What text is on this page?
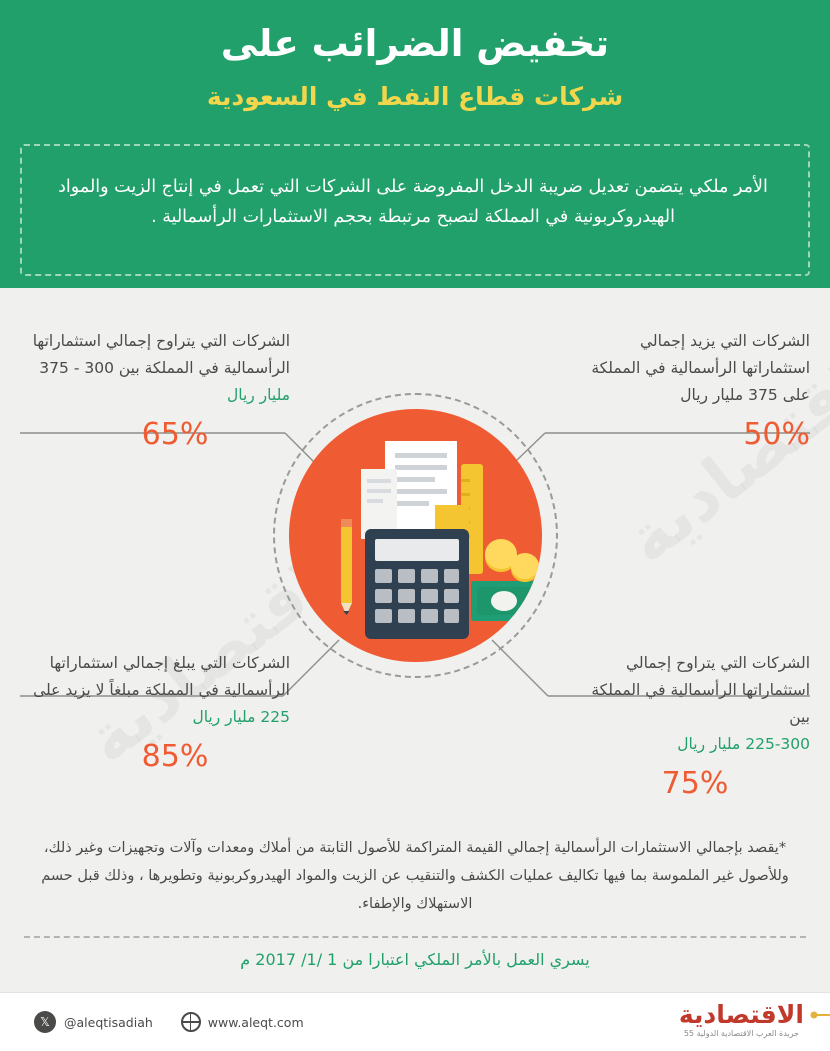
تخفيض الضرائب على
شركات قطاع النفط في السعودية
الأمر ملكي يتضمن تعديل ضريبة الدخل المفروضة على الشركات التي تعمل في إنتاج الزيت والمواد الهيدروكربونية في المملكة لتصبح مرتبطة بحجم الاستثمارات الرأسمالية .
الشركات التي يزيد إجمالي استثماراتها الرأسمالية في المملكة على 375 مليار ريال
50%
الشركات التي يتراوح إجمالي استثماراتها الرأسمالية في المملكة بين 300 - 375
مليار ريال
65%
الشركات التي يتراوح إجمالي استثماراتها الرأسمالية في المملكة بين
225-300 مليار ريال
75%
الشركات التي يبلغ إجمالي استثماراتها الرأسمالية في المملكة مبلغاً لا يزيد على
225 مليار ريال
85%
*يقصد بإجمالي الاستثمارات الرأسمالية إجمالي القيمة المتراكمة للأصول الثابتة من أملاك ومعدات وآلات وتجهيزات وغير ذلك، وللأصول غير الملموسة بما فيها تكاليف عمليات الكشف والتنقيب عن الزيت والمواد الهيدروكربونية وتطويرها ، وذلك قبل حسم الاستهلاك والإطفاء.
يسري العمل بالأمر الملكي اعتبارا من 1 /1/ 2017 م
𝕏	@aleqtisadiah	www.aleqt.com	الاقتصادية
جريدة العرب الاقتصادية الدولية 55
